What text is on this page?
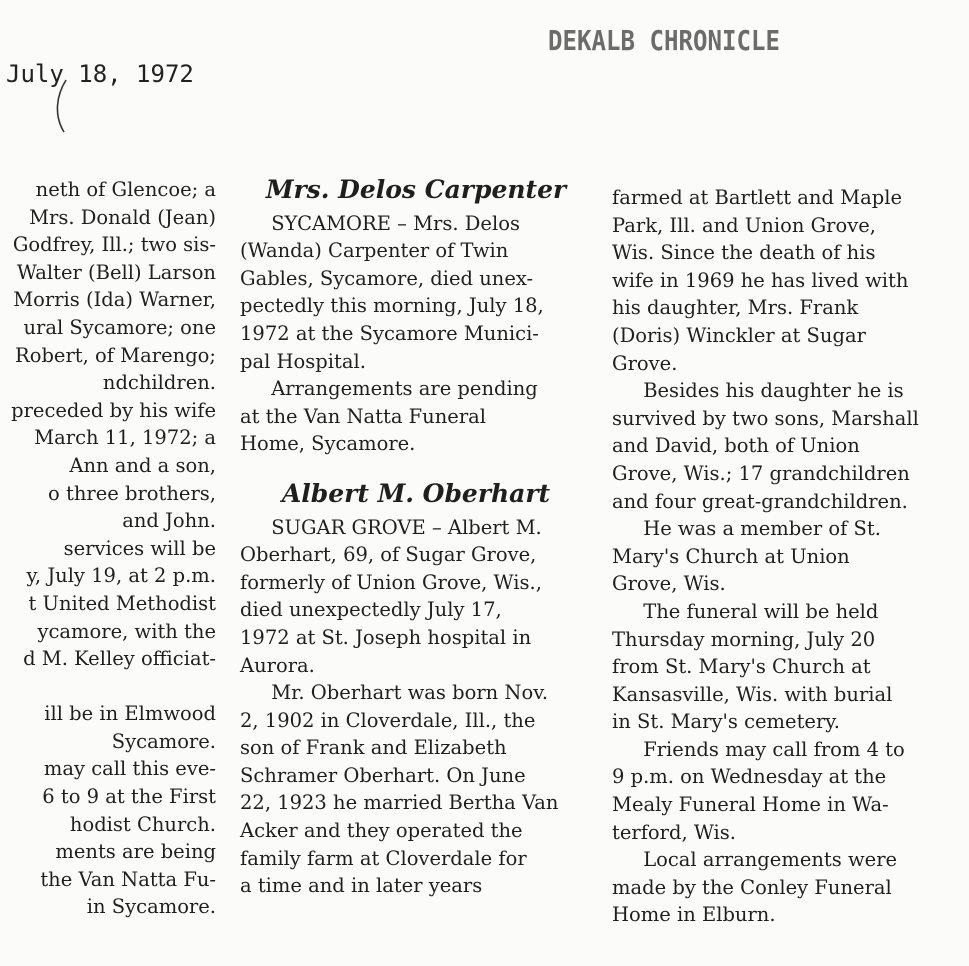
DEKALB CHRONICLE
July 18, 1972

neth of Glencoe; a

Mrs. Donald (Jean)

Godfrey, Ill.; two sis-

Walter (Bell) Larson

Morris (Ida) Warner,

ural Sycamore; one

Robert, of Marengo;

ndchildren.

preceded by his wife

March 11, 1972; a

Ann and a son,

o three brothers,

and John.

services will be

y, July 19, at 2 p.m.

t United Methodist

ycamore, with the

d M. Kelley officiat-

ill be in Elmwood

Sycamore.

may call this eve-

6 to 9 at the First

hodist Church.

ments are being

the Van Natta Fu-

in Sycamore.

Mrs. Delos Carpenter

SYCAMORE – Mrs. Delos

(Wanda) Carpenter of Twin

Gables, Sycamore, died unex-

pectedly this morning, July 18,

1972 at the Sycamore Munici-

pal Hospital.

Arrangements are pending

at the Van Natta Funeral

Home, Sycamore.

Albert M. Oberhart

SUGAR GROVE – Albert M.

Oberhart, 69, of Sugar Grove,

formerly of Union Grove, Wis.,

died unexpectedly July 17,

1972 at St. Joseph hospital in

Aurora.

Mr. Oberhart was born Nov.

2, 1902 in Cloverdale, Ill., the

son of Frank and Elizabeth

Schramer Oberhart. On June

22, 1923 he married Bertha Van

Acker and they operated the

family farm at Cloverdale for

a time and in later years

farmed at Bartlett and Maple

Park, Ill. and Union Grove,

Wis. Since the death of his

wife in 1969 he has lived with

his daughter, Mrs. Frank

(Doris) Winckler at Sugar

Grove.

Besides his daughter he is

survived by two sons, Marshall

and David, both of Union

Grove, Wis.; 17 grandchildren

and four great-grandchildren.

He was a member of St.

Mary's Church at Union

Grove, Wis.

The funeral will be held

Thursday morning, July 20

from St. Mary's Church at

Kansasville, Wis. with burial

in St. Mary's cemetery.

Friends may call from 4 to

9 p.m. on Wednesday at the

Mealy Funeral Home in Wa-

terford, Wis.

Local arrangements were

made by the Conley Funeral

Home in Elburn.
